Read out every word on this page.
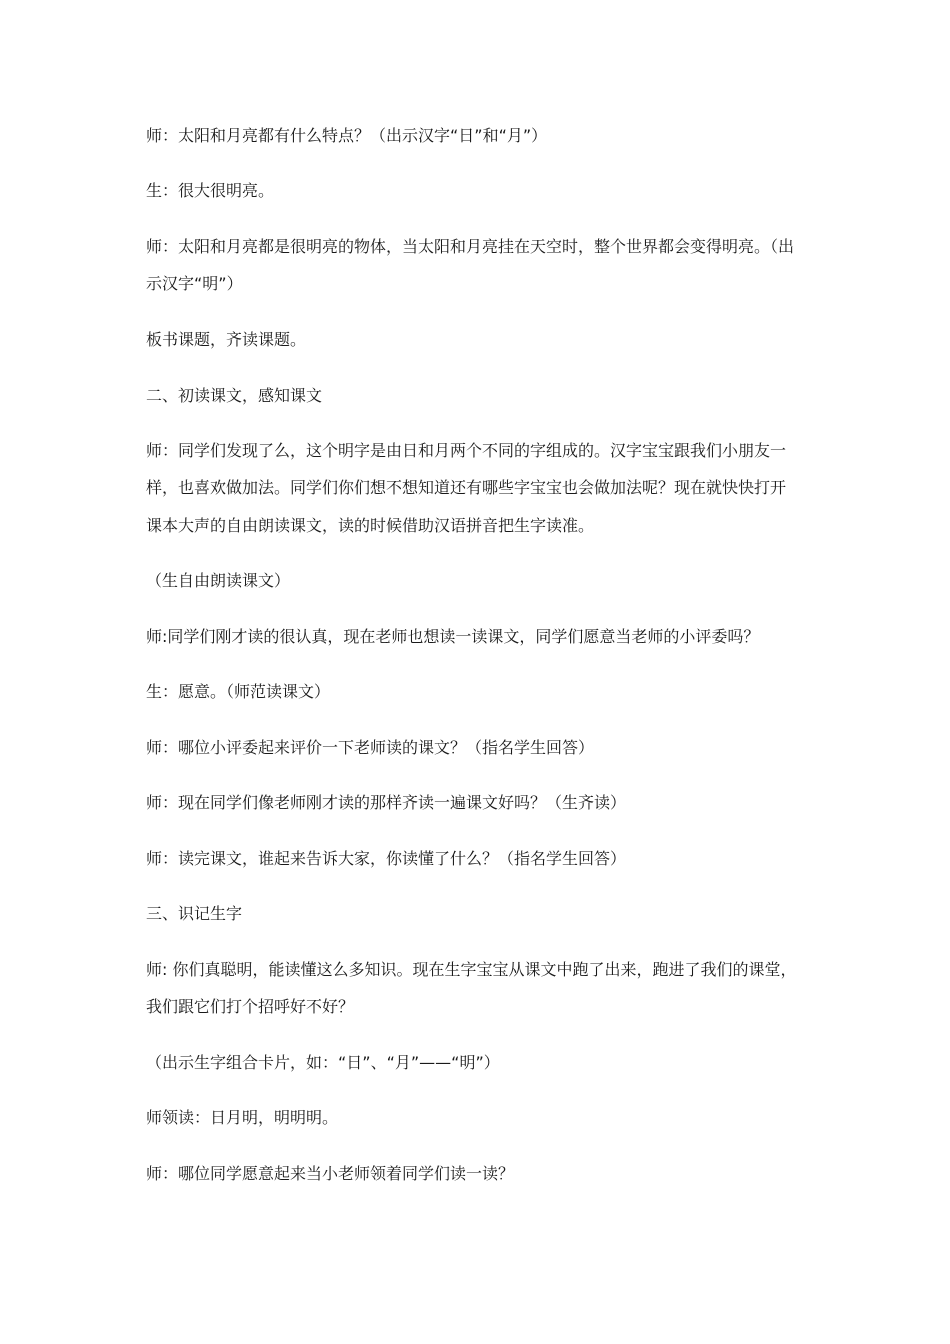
师：太阳和月亮都有什么特点？（出示汉字“日”和“月”）
生：很大很明亮。
师：太阳和月亮都是很明亮的物体，当太阳和月亮挂在天空时，整个世界都会变得明亮。（出
示汉字“明”）
板书课题，齐读课题。
二、初读课文，感知课文
师：同学们发现了么，这个明字是由日和月两个不同的字组成的。汉字宝宝跟我们小朋友一
样，也喜欢做加法。同学们你们想不想知道还有哪些字宝宝也会做加法呢？现在就快快打开
课本大声的自由朗读课文，读的时候借助汉语拼音把生字读准。
（生自由朗读课文）
师:同学们刚才读的很认真，现在老师也想读一读课文，同学们愿意当老师的小评委吗？
生：愿意。（师范读课文）
师：哪位小评委起来评价一下老师读的课文？（指名学生回答）
师：现在同学们像老师刚才读的那样齐读一遍课文好吗？（生齐读）
师：读完课文，谁起来告诉大家，你读懂了什么？（指名学生回答）
三、识记生字
师: 你们真聪明，能读懂这么多知识。现在生字宝宝从课文中跑了出来，跑进了我们的课堂，
我们跟它们打个招呼好不好？
（出示生字组合卡片，如：“日”、“月”——“明”）
师领读：日月明，明明明。
师：哪位同学愿意起来当小老师领着同学们读一读？
